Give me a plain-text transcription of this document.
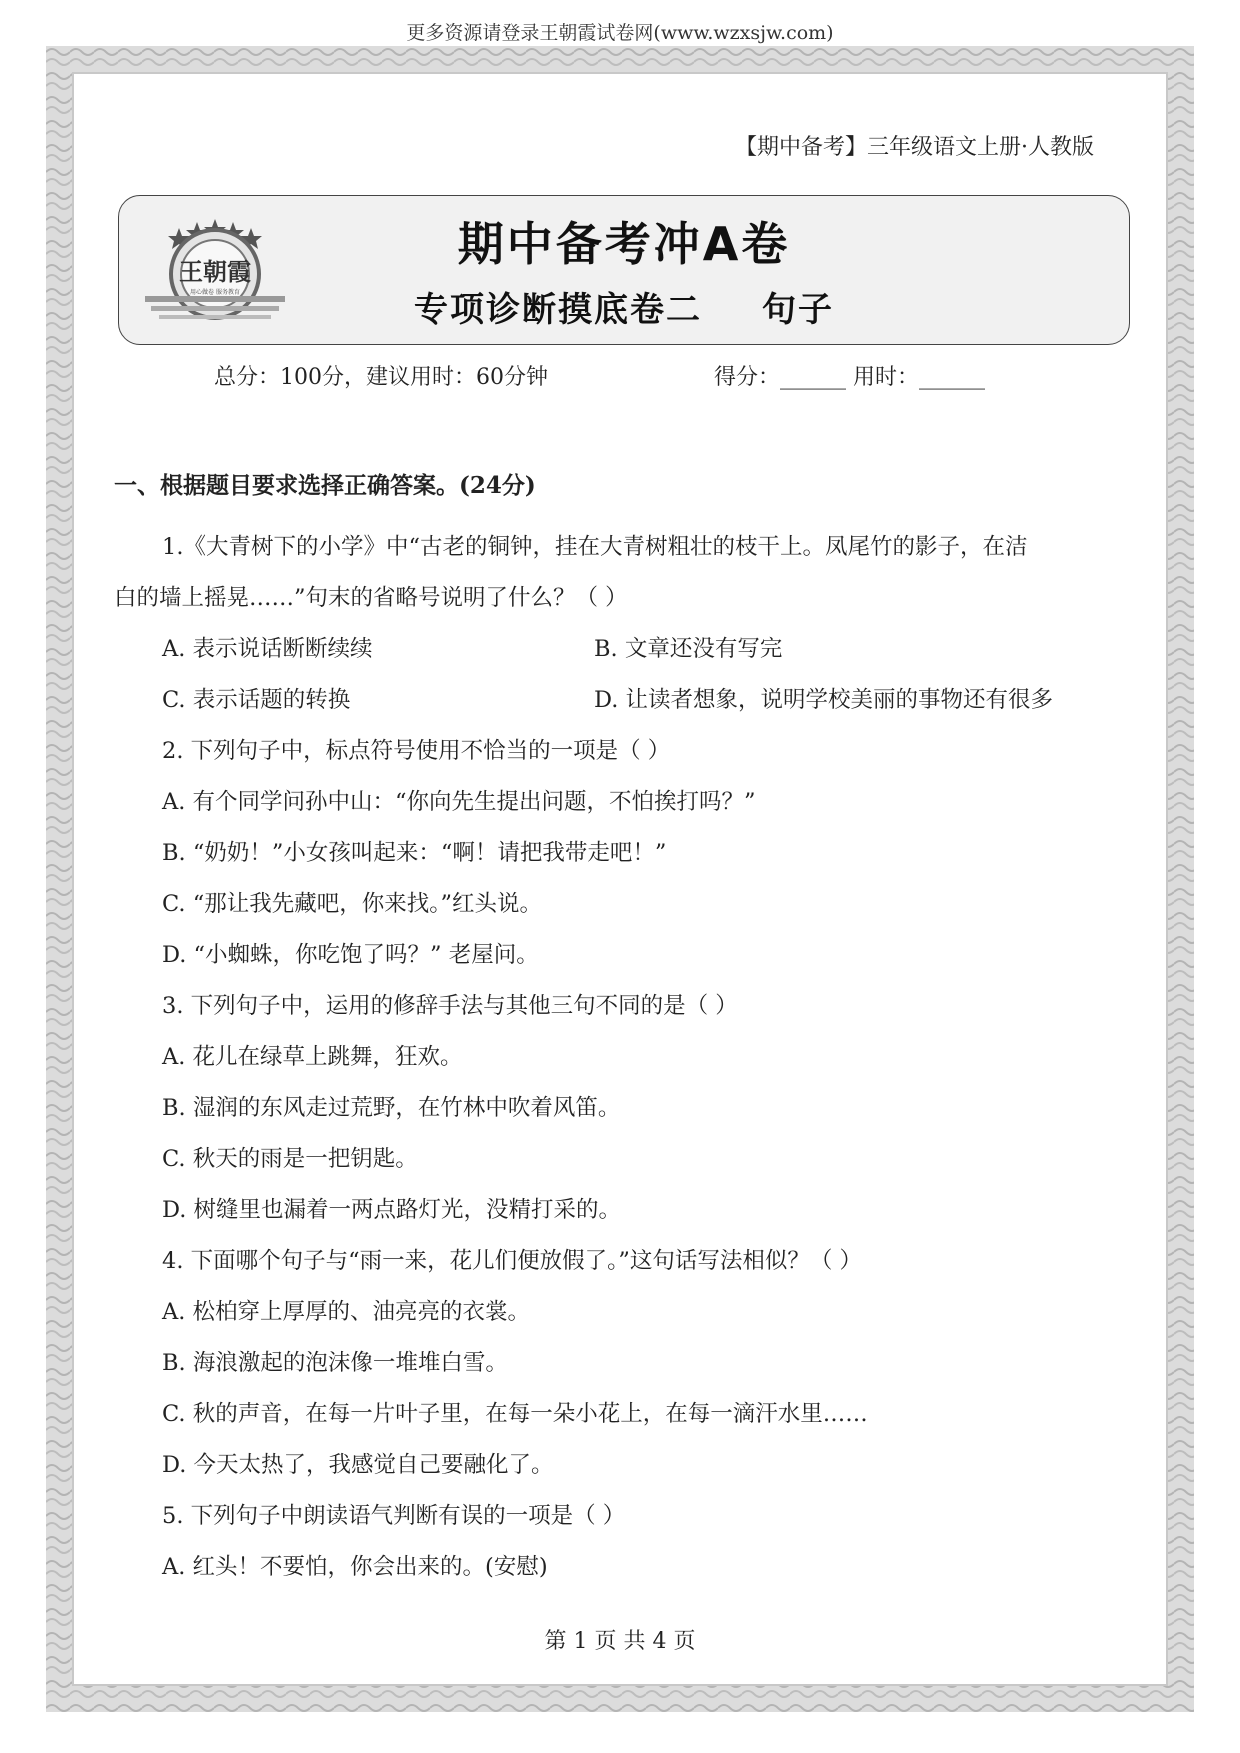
更多资源请登录王朝霞试卷网(www.wzxsjw.com)
【期中备考】三年级语文上册·人教版
王朝霞
用心做卷 服务教育
期中备考冲A卷
专项诊断摸底卷二 句子
总分：100分，建议用时：60分钟	得分：______ 用时：______
一、根据题目要求选择正确答案。(24分)
1.《大青树下的小学》中“古老的铜钟，挂在大青树粗壮的枝干上。凤尾竹的影子，在洁
白的墙上摇晃……”句末的省略号说明了什么？（ ）
A. 表示说话断断续续	B. 文章还没有写完
C. 表示话题的转换	D. 让读者想象，说明学校美丽的事物还有很多
2. 下列句子中，标点符号使用不恰当的一项是（ ）
A. 有个同学问孙中山：“你向先生提出问题，不怕挨打吗？”
B. “奶奶！”小女孩叫起来：“啊！请把我带走吧！”
C. “那让我先藏吧，你来找。”红头说。
D. “小蜘蛛，你吃饱了吗？” 老屋问。
3. 下列句子中，运用的修辞手法与其他三句不同的是（ ）
A. 花儿在绿草上跳舞，狂欢。
B. 湿润的东风走过荒野，在竹林中吹着风笛。
C. 秋天的雨是一把钥匙。
D. 树缝里也漏着一两点路灯光，没精打采的。
4. 下面哪个句子与“雨一来，花儿们便放假了。”这句话写法相似？（ ）
A. 松柏穿上厚厚的、油亮亮的衣裳。
B. 海浪激起的泡沫像一堆堆白雪。
C. 秋的声音，在每一片叶子里，在每一朵小花上，在每一滴汗水里……
D. 今天太热了，我感觉自己要融化了。
5. 下列句子中朗读语气判断有误的一项是（ ）
A. 红头！不要怕，你会出来的。(安慰)
第 1 页 共 4 页
